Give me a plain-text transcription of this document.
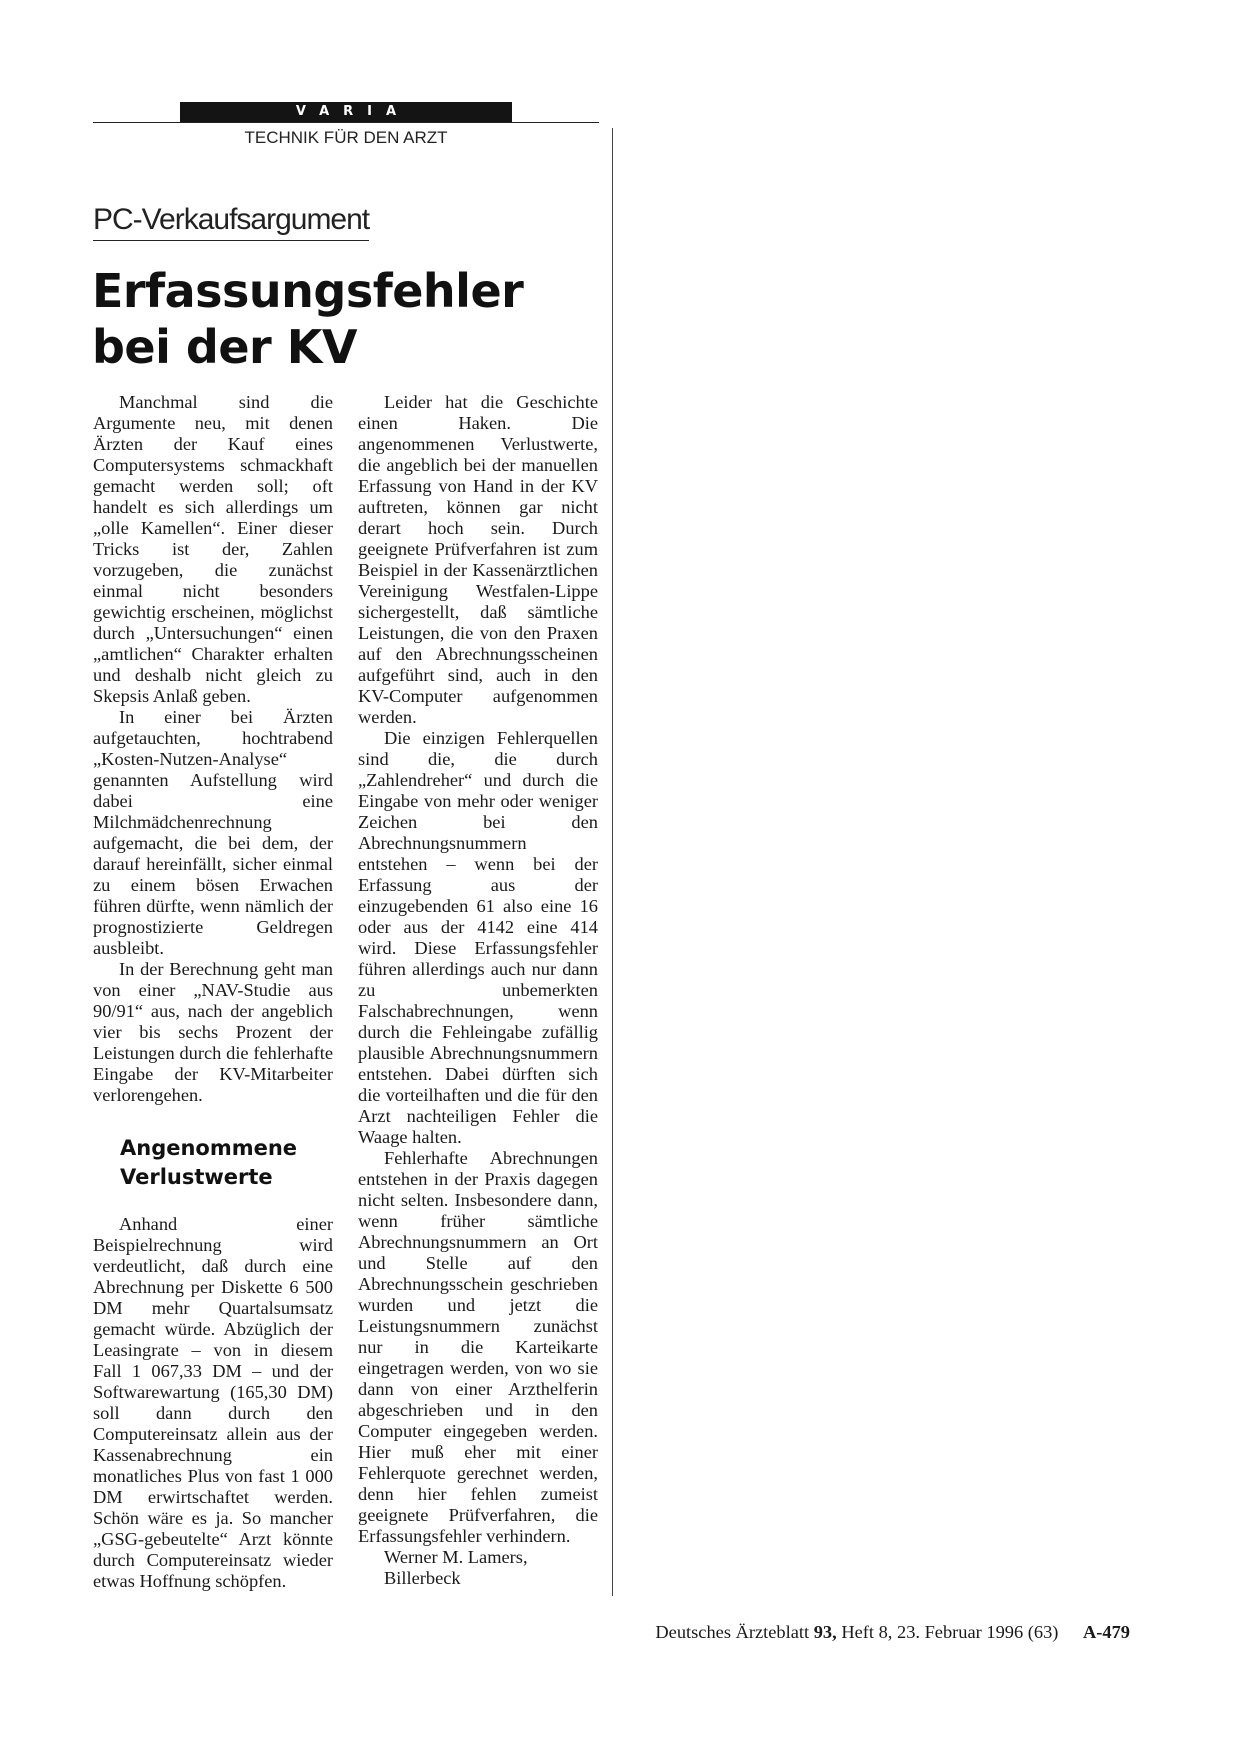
VARIA
TECHNIK FÜR DEN ARZT
PC-Verkaufsargument
Erfassungsfehler
bei der KV

Manchmal sind die Argumente neu, mit denen Ärzten der Kauf eines Computersystems schmackhaft gemacht werden soll; oft handelt es sich allerdings um „olle Kamellen“. Einer dieser Tricks ist der, Zahlen vorzugeben, die zunächst einmal nicht besonders gewichtig erscheinen, möglichst durch „Untersuchungen“ einen „amtlichen“ Charakter erhalten und deshalb nicht gleich zu Skepsis Anlaß geben.

In einer bei Ärzten aufgetauchten, hochtrabend „Kosten-Nutzen-Analyse“ genannten Aufstellung wird dabei eine Milchmädchenrechnung aufgemacht, die bei dem, der darauf hereinfällt, sicher einmal zu einem bösen Erwachen führen dürfte, wenn nämlich der prognostizierte Geldregen ausbleibt.

In der Berechnung geht man von einer „NAV-Studie aus 90/91“ aus, nach der angeblich vier bis sechs Prozent der Leistungen durch die fehlerhafte Eingabe der KV-Mitarbeiter verlorengehen.

Angenommene
Verlustwerte

Anhand einer Beispielrechnung wird verdeutlicht, daß durch eine Abrechnung per Diskette 6 500 DM mehr Quartalsumsatz gemacht würde. Abzüglich der Leasingrate – von in diesem Fall 1 067,33 DM – und der Softwarewartung (165,30 DM) soll dann durch den Computereinsatz allein aus der Kassenabrechnung ein monatliches Plus von fast 1 000 DM erwirtschaftet werden. Schön wäre es ja. So mancher „GSG-gebeutelte“ Arzt könnte durch Computereinsatz wieder etwas Hoffnung schöpfen.

Leider hat die Geschichte einen Haken. Die angenommenen Verlustwerte, die angeblich bei der manuellen Erfassung von Hand in der KV auftreten, können gar nicht derart hoch sein. Durch geeignete Prüfverfahren ist zum Beispiel in der Kassenärztlichen Vereinigung Westfalen-Lippe sichergestellt, daß sämtliche Leistungen, die von den Praxen auf den Abrechnungsscheinen aufgeführt sind, auch in den KV-Computer aufgenommen werden.

Die einzigen Fehlerquellen sind die, die durch „Zahlendreher“ und durch die Eingabe von mehr oder weniger Zeichen bei den Abrechnungsnummern entstehen – wenn bei der Erfassung aus der einzugebenden 61 also eine 16 oder aus der 4142 eine 414 wird. Diese Erfassungsfehler führen allerdings auch nur dann zu unbemerkten Falschabrechnungen, wenn durch die Fehleingabe zufällig plausible Abrechnungsnummern entstehen. Dabei dürften sich die vorteilhaften und die für den Arzt nachteiligen Fehler die Waage halten.

Fehlerhafte Abrechnungen entstehen in der Praxis dagegen nicht selten. Insbesondere dann, wenn früher sämtliche Abrechnungsnummern an Ort und Stelle auf den Abrechnungsschein geschrieben wurden und jetzt die Leistungsnummern zunächst nur in die Karteikarte eingetragen werden, von wo sie dann von einer Arzthelferin abgeschrieben und in den Computer eingegeben werden. Hier muß eher mit einer Fehlerquote gerechnet werden, denn hier fehlen zumeist geeignete Prüfverfahren, die Erfassungsfehler verhindern.

Werner M. Lamers,
Billerbeck

Deutsches Ärzteblatt 93, Heft 8, 23. Februar 1996 (63) A-479
